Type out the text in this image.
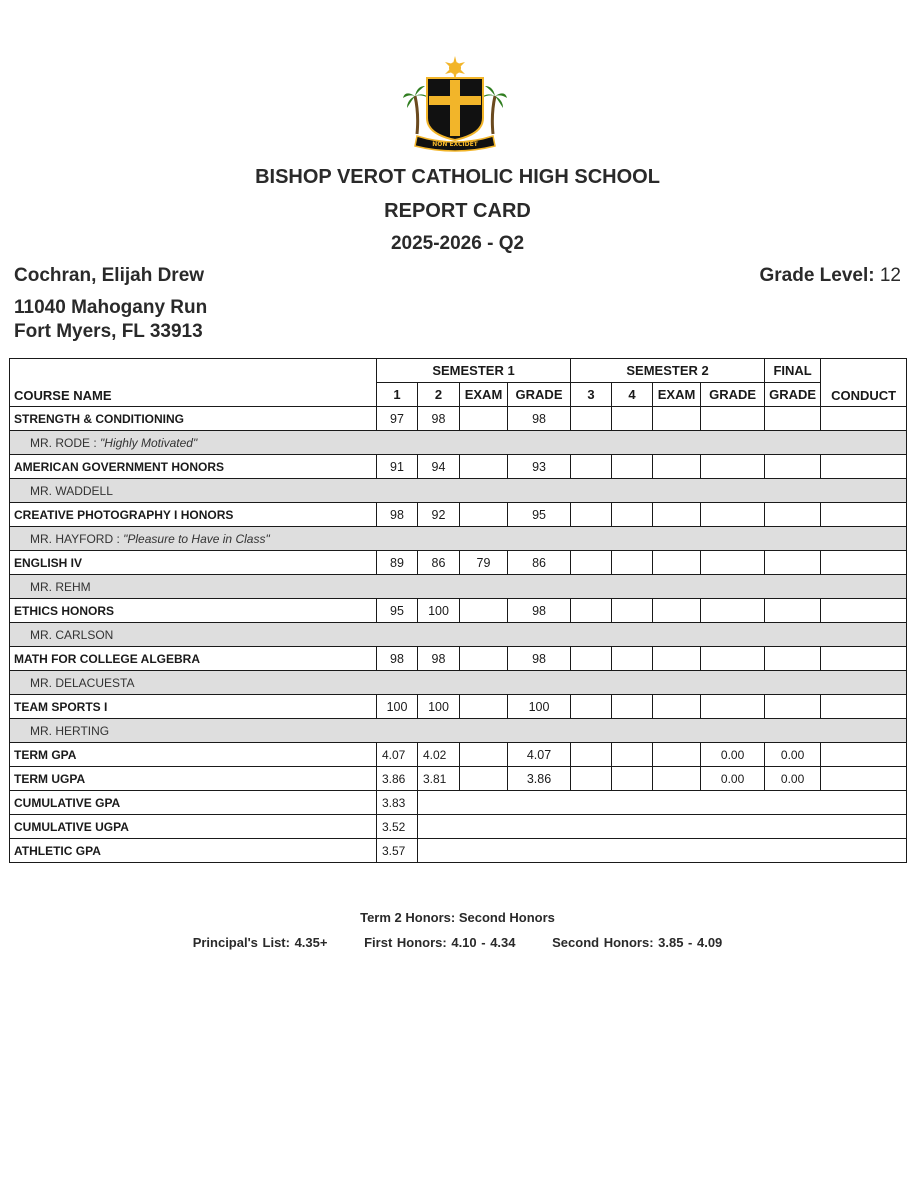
NON EXCIDET
BISHOP VEROT CATHOLIC HIGH SCHOOL
REPORT CARD
2025-2026 - Q2
Cochran, Elijah Drew	Grade Level: 12
11040 Mahogany Run
Fort Myers, FL 33913
COURSE NAME	SEMESTER 1				SEMESTER 2				FINAL	CONDUCT
	1	2	EXAM	GRADE	3	4	EXAM	GRADE	GRADE	
STRENGTH & CONDITIONING	97	98		98						
MR. RODE : "Highly Motivated"										
AMERICAN GOVERNMENT HONORS	91	94		93						
MR. WADDELL										
CREATIVE PHOTOGRAPHY I HONORS	98	92		95						
MR. HAYFORD : "Pleasure to Have in Class"										
ENGLISH IV	89	86	79	86						
MR. REHM										
ETHICS HONORS	95	100		98						
MR. CARLSON										
MATH FOR COLLEGE ALGEBRA	98	98		98						
MR. DELACUESTA										
TEAM SPORTS I	100	100		100						
MR. HERTING										
TERM GPA	4.07	4.02		4.07				0.00	0.00	
TERM UGPA	3.86	3.81		3.86				0.00	0.00	
CUMULATIVE GPA	3.83									
CUMULATIVE UGPA	3.52									
ATHLETIC GPA	3.57									
Term 2 Honors: Second Honors
Principal's List: 4.35+	First Honors: 4.10 - 4.34	Second Honors: 3.85 - 4.09
